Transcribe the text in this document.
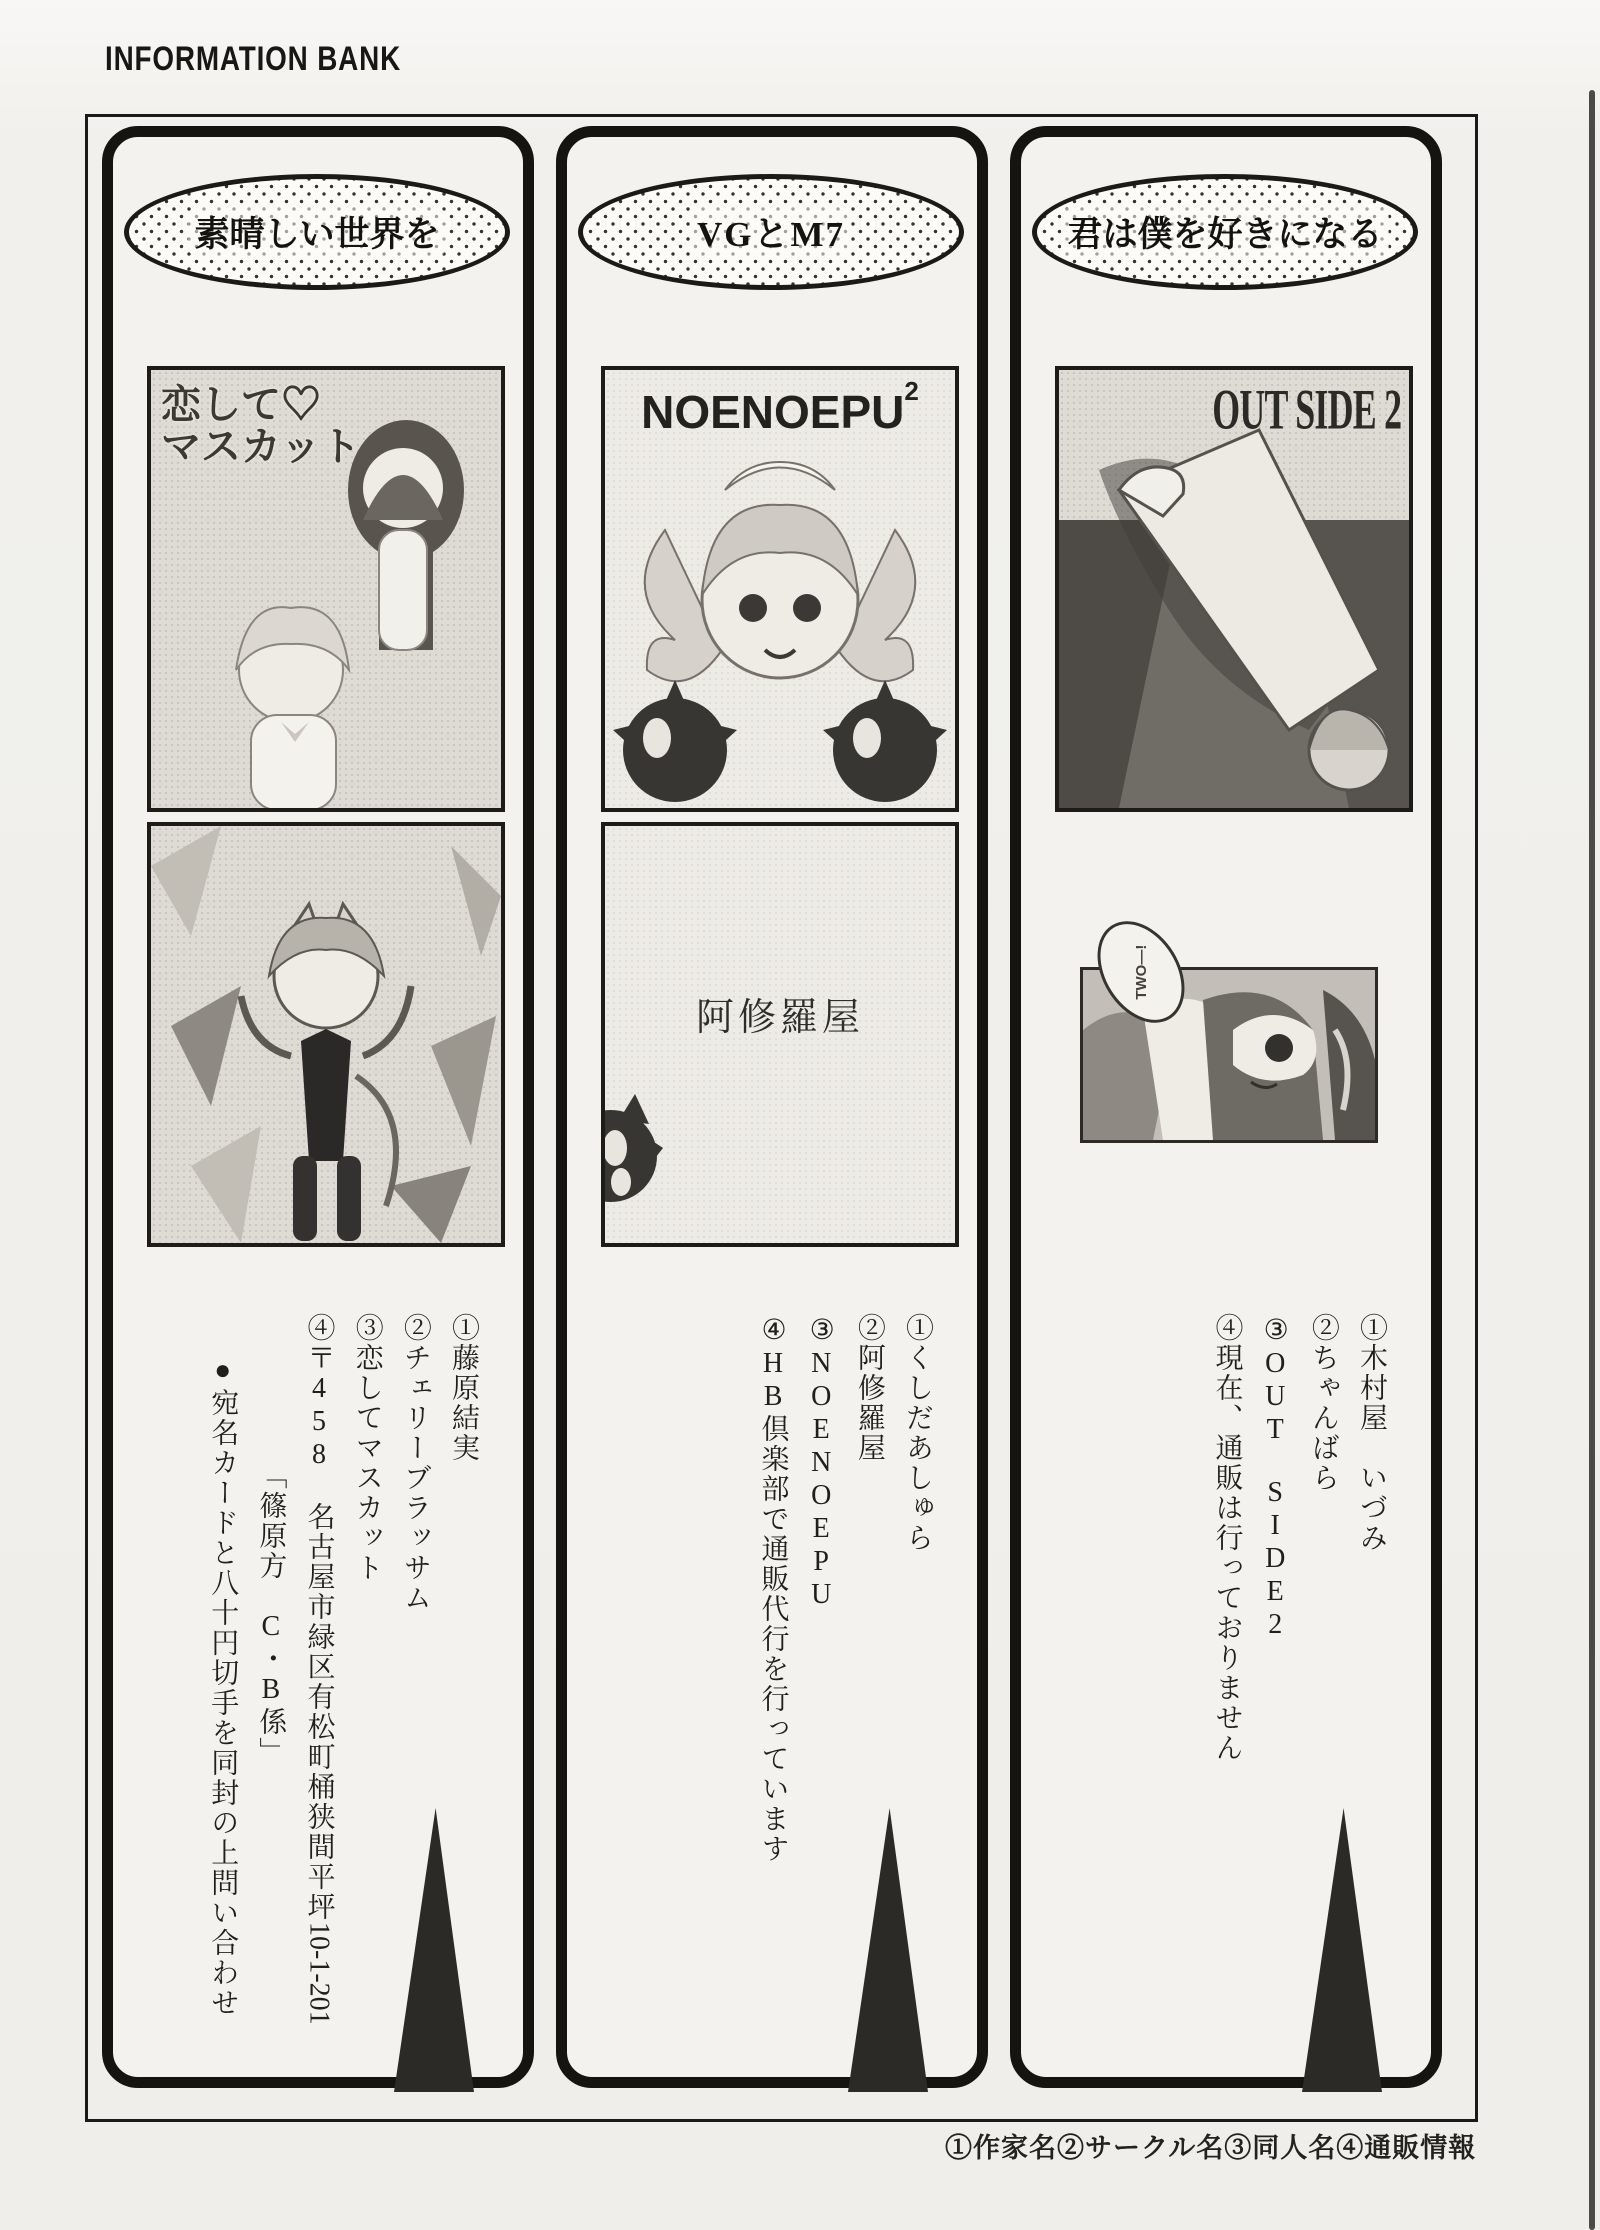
INFORMATION BANK
素晴しい世界を
恋して♡
マスカット
①藤原結実
②チェリーブラッサム
③恋してマスカット
④〒458　名古屋市緑区有松町桶狭間平坪10-1-201
「篠原方　C・B係」
●宛名カードと八十円切手を同封の上問い合わせ
VGとM7
NOENOEPU$^2$
阿修羅屋
①くしだあしゅら
②阿修羅屋
③NOENOEPU
④HB倶楽部で通販代行を行っています
君は僕を好きになる
OUT SIDE 2
TWO—!
①木村屋　いづみ
②ちゃんばら
③OUT　SIDE2
④現在、通販は行っておりません
①作家名②サークル名③同人名④通販情報
